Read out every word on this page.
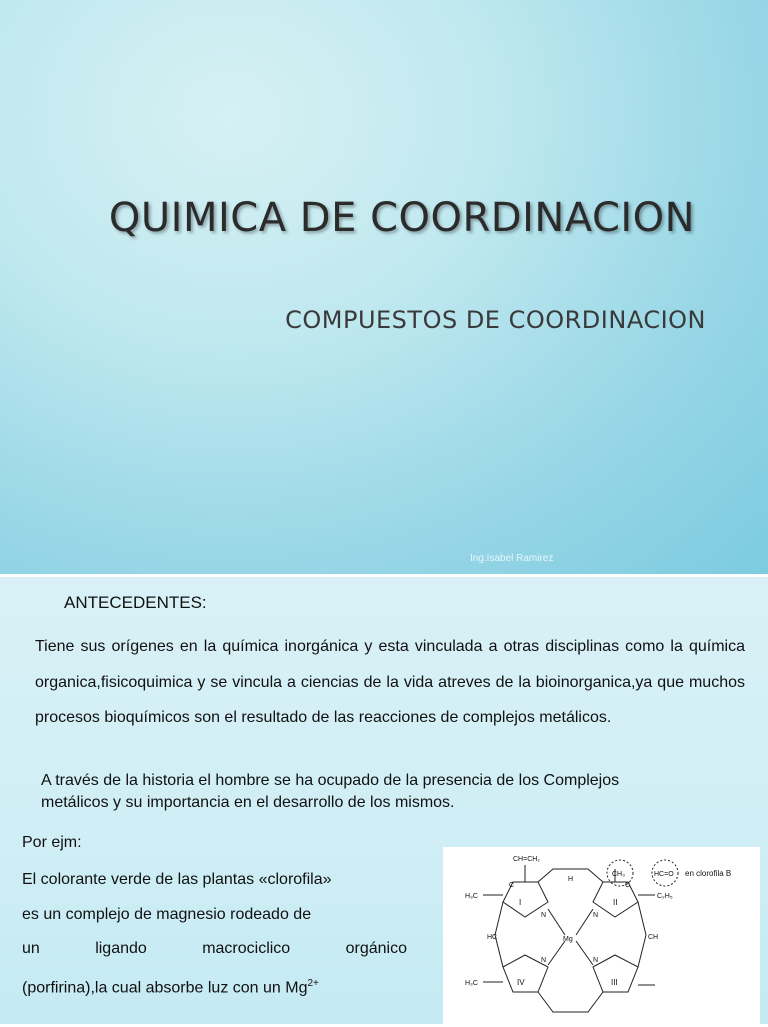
QUIMICA DE COORDINACION
COMPUESTOS DE COORDINACION
Ing.Isabel Ramirez
ANTECEDENTES:
Tiene sus orígenes en la química inorgánica y esta vinculada a otras disciplinas como la química organica,fisicoquimica y se vincula a ciencias de la vida atreves de la bioinorganica,ya que muchos procesos bioquímicos son el resultado de las reacciones de complejos metálicos.
A través de la historia el hombre se ha ocupado de la presencia de los Complejos metálicos y su importancia en el desarrollo de los mismos.
Por ejm:
El colorante verde de las plantas «clorofila»
es un complejo de magnesio rodeado de
un	ligando	macrociclico	orgánico
(porfirina),la cual absorbe luz con un $Mg^{2+}$
CH=CH₂
CH₃	HC=O en clorofila B
H₃C	C₂H₅
Mg
HC	CH
N	N
N	N
C	C
H
H₃C
I	II
III
IV
